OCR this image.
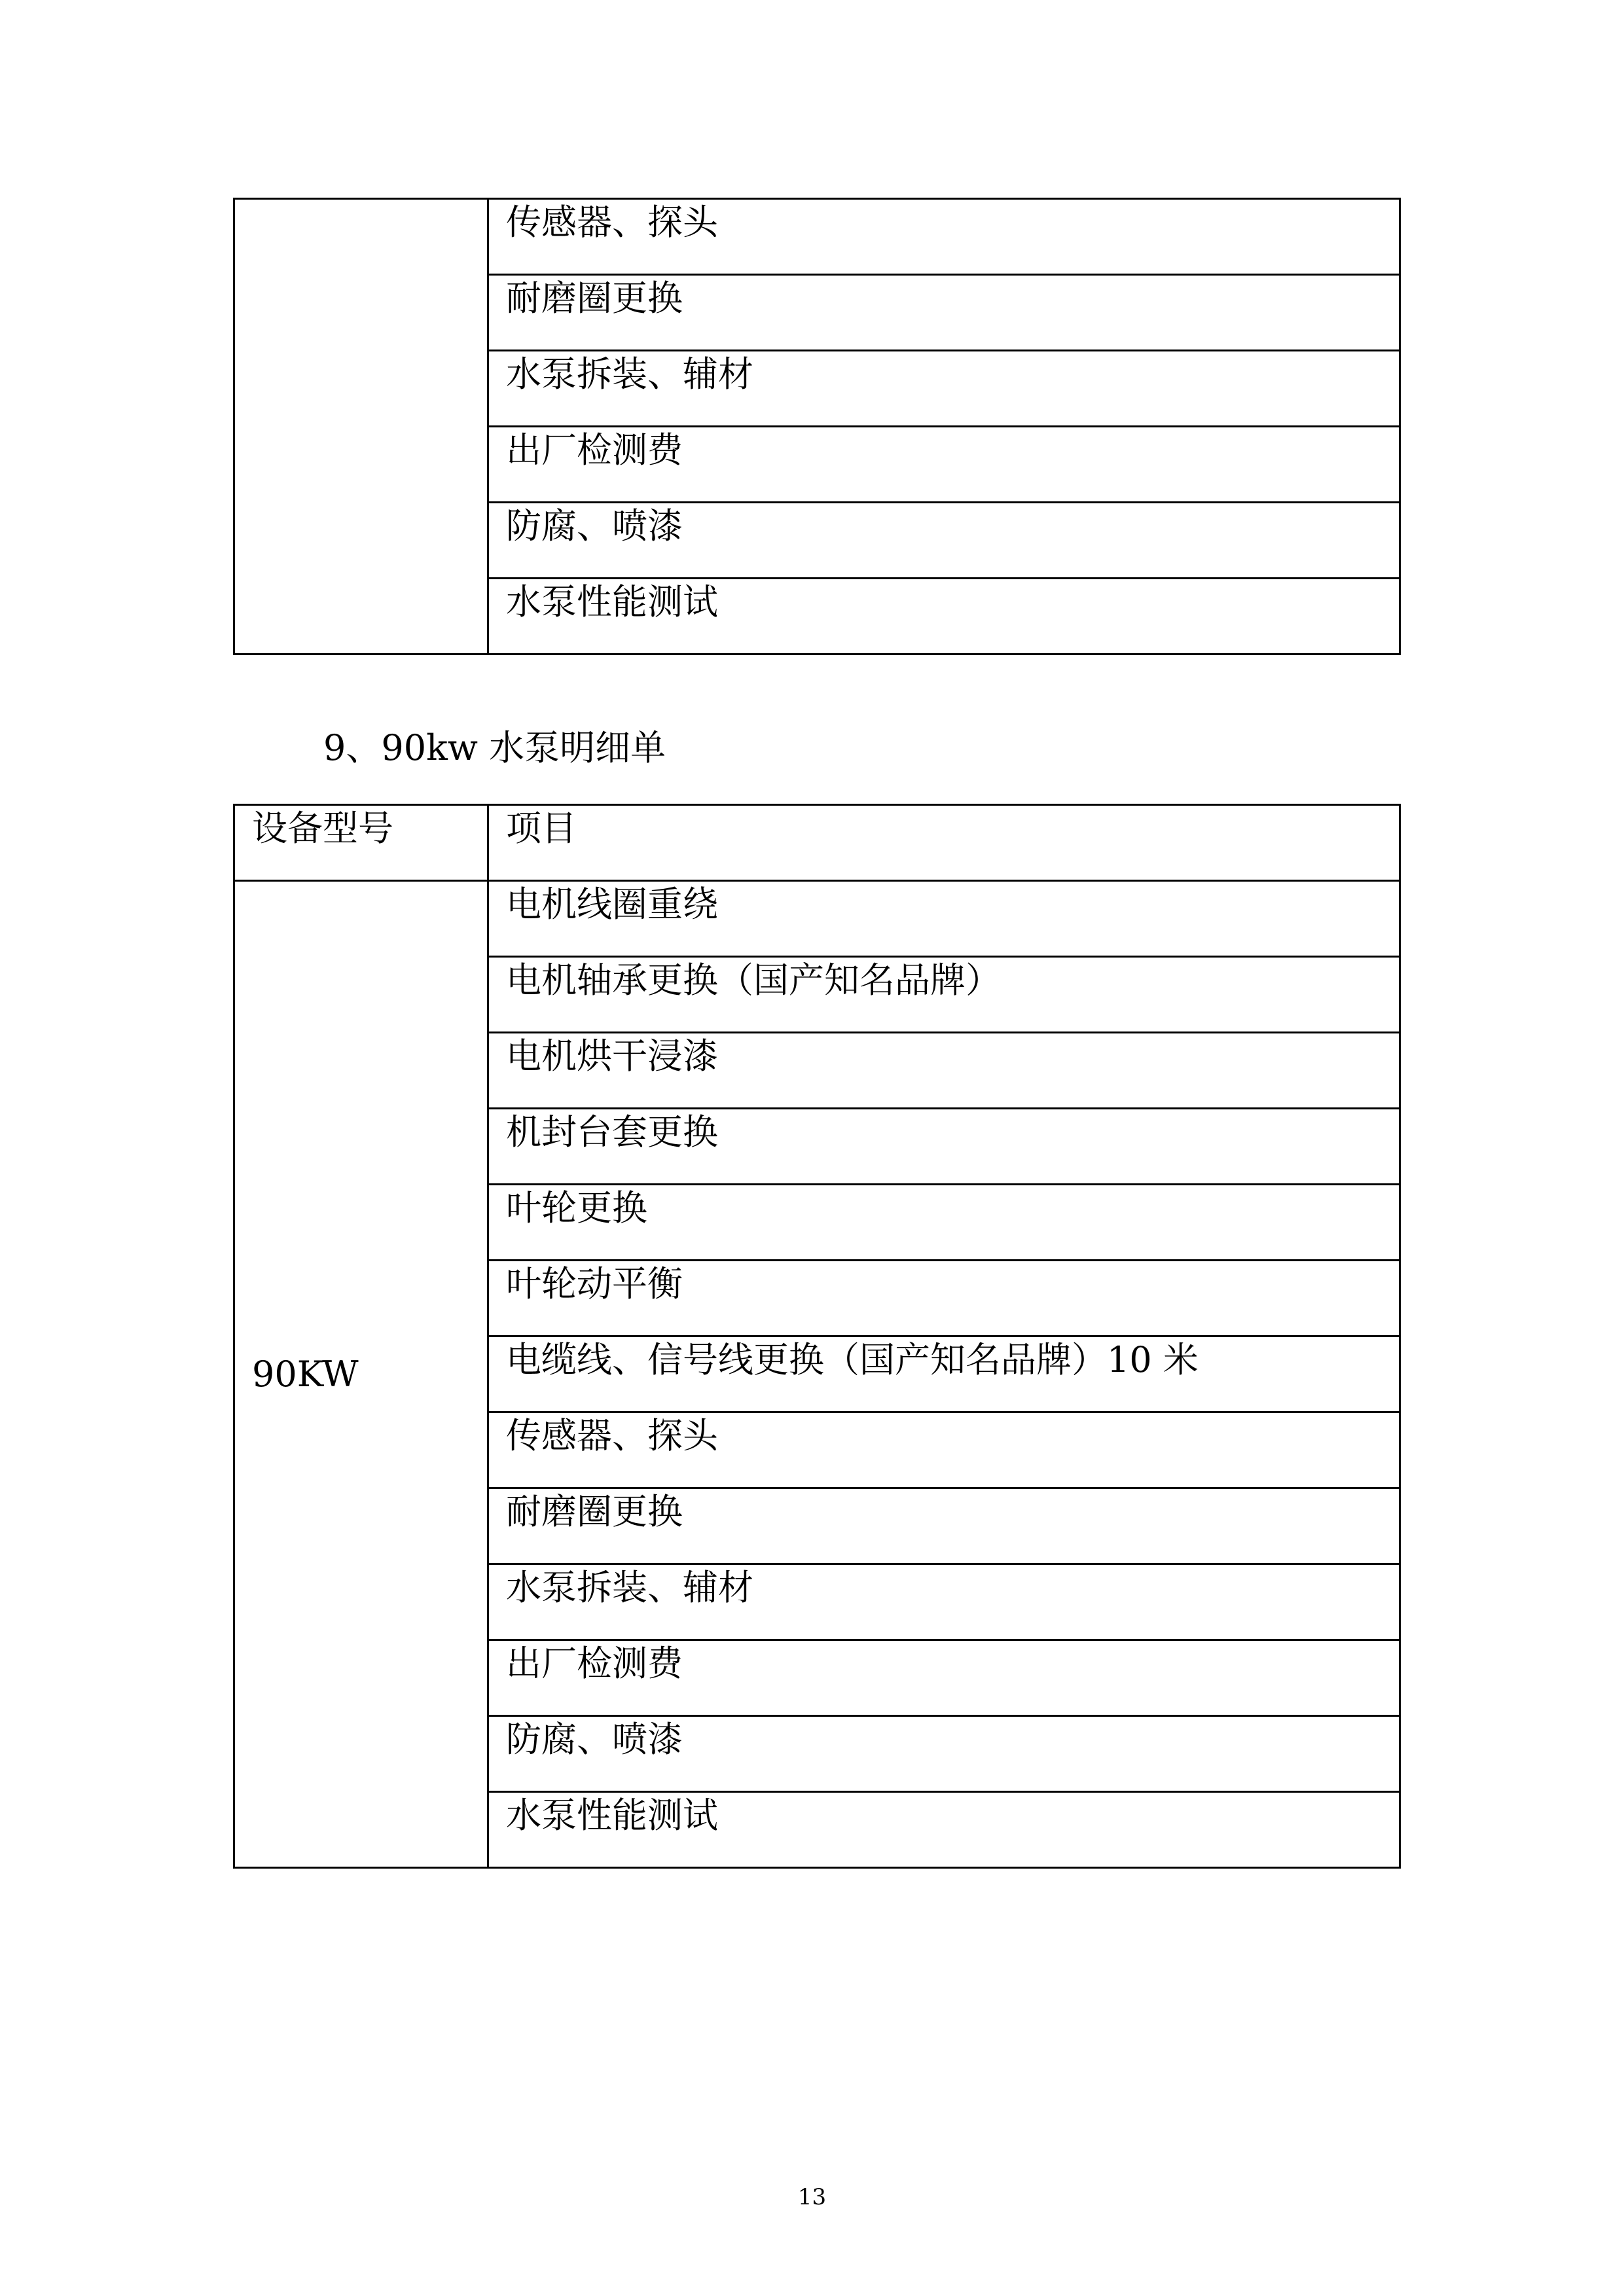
	传感器、探头
耐磨圈更换
水泵拆装、辅材
出厂检测费
防腐、喷漆
水泵性能测试
9、90kw 水泵明细单
设备型号	项目
90KW	电机线圈重绕
	电机轴承更换（国产知名品牌）
	电机烘干浸漆
	机封台套更换
	叶轮更换
	叶轮动平衡
	电缆线、信号线更换（国产知名品牌）10 米
	传感器、探头
	耐磨圈更换
	水泵拆装、辅材
	出厂检测费
	防腐、喷漆
	水泵性能测试
13
